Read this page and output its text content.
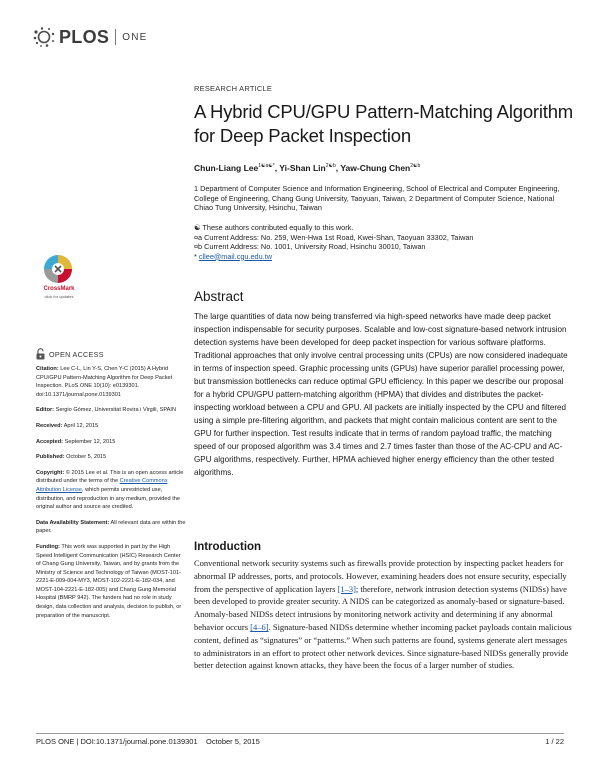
PLOS ONE
RESEARCH ARTICLE
A Hybrid CPU/GPU Pattern-Matching Algorithm for Deep Packet Inspection
Chun-Liang Lee$^{1☯a☯*}$, Yi-Shan Lin$^{2☯b}$, Yaw-Chung Chen$^{2☯b}$
1 Department of Computer Science and Information Engineering, School of Electrical and Computer Engineering, College of Engineering, Chang Gung University, Taoyuan, Taiwan, 2 Department of Computer Science, National Chiao Tung University, Hsinchu, Taiwan
☯ These authors contributed equally to this work.
¤a Current Address: No. 259, Wen-Hwa 1st Road, Kwei-Shan, Taoyuan 33302, Taiwan
¤b Current Address: No. 1001, University Road, Hsinchu 30010, Taiwan
* cllee@mail.cgu.edu.tw
CrossMark
click for updates
OPEN ACCESS

Citation: Lee C-L, Lin Y-S, Chen Y-C (2015) A Hybrid CPU/GPU Pattern-Matching Algorithm for Deep Packet Inspection. PLoS ONE 10(10): e0139301. doi:10.1371/journal.pone.0139301

Editor: Sergio Gómez, Universitat Rovira i Virgili, SPAIN

Received: April 12, 2015

Accepted: September 12, 2015

Published: October 5, 2015

Copyright: © 2015 Lee et al. This is an open access article distributed under the terms of the Creative Commons Attribution License, which permits unrestricted use, distribution, and reproduction in any medium, provided the original author and source are credited.

Data Availability Statement: All relevant data are within the paper.

Funding: This work was supported in part by the High Speed Intelligent Communication (HSIC) Research Center of Chang Gung University, Taiwan, and by grants from the Ministry of Science and Technology of Taiwan (MOST-101-2221-E-009-004-MY3, MOST-102-2221-E-182-034, and MOST-104-2221-E-182-005) and Chang Gung Memorial Hospital (BMRP 942). The funders had no role in study design, data collection and analysis, decision to publish, or preparation of the manuscript.

Abstract
The large quantities of data now being transferred via high-speed networks have made deep packet inspection indispensable for security purposes. Scalable and low-cost signature-based network intrusion detection systems have been developed for deep packet inspection for various software platforms. Traditional approaches that only involve central processing units (CPUs) are now considered inadequate in terms of inspection speed. Graphic processing units (GPUs) have superior parallel processing power, but transmission bottlenecks can reduce optimal GPU efficiency. In this paper we describe our proposal for a hybrid CPU/GPU pattern-matching algorithm (HPMA) that divides and distributes the packet-inspecting workload between a CPU and GPU. All packets are initially inspected by the CPU and filtered using a simple pre-filtering algorithm, and packets that might contain malicious content are sent to the GPU for further inspection. Test results indicate that in terms of random payload traffic, the matching speed of our proposed algorithm was 3.4 times and 2.7 times faster than those of the AC-CPU and AC-GPU algorithms, respectively. Further, HPMA achieved higher energy efficiency than the other tested algorithms.
Introduction
Conventional network security systems such as firewalls provide protection by inspecting packet headers for abnormal IP addresses, ports, and protocols. However, examining headers does not ensure security, especially from the perspective of application layers [1–3]; therefore, network intrusion detection systems (NIDSs) have been developed to provide greater security. A NIDS can be categorized as anomaly-based or signature-based. Anomaly-based NIDSs detect intrusions by monitoring network activity and determining if any abnormal behavior occurs [4–6]. Signature-based NIDSs determine whether incoming packet payloads contain malicious content, defined as “signatures” or “patterns.” When such patterns are found, systems generate alert messages to administrators in an effort to protect other network devices. Since signature-based NIDSs generally provide better detection against known attacks, they have been the focus of a larger number of studies.
PLOS ONE | DOI:10.1371/journal.pone.0139301 October 5, 2015	1 / 22
